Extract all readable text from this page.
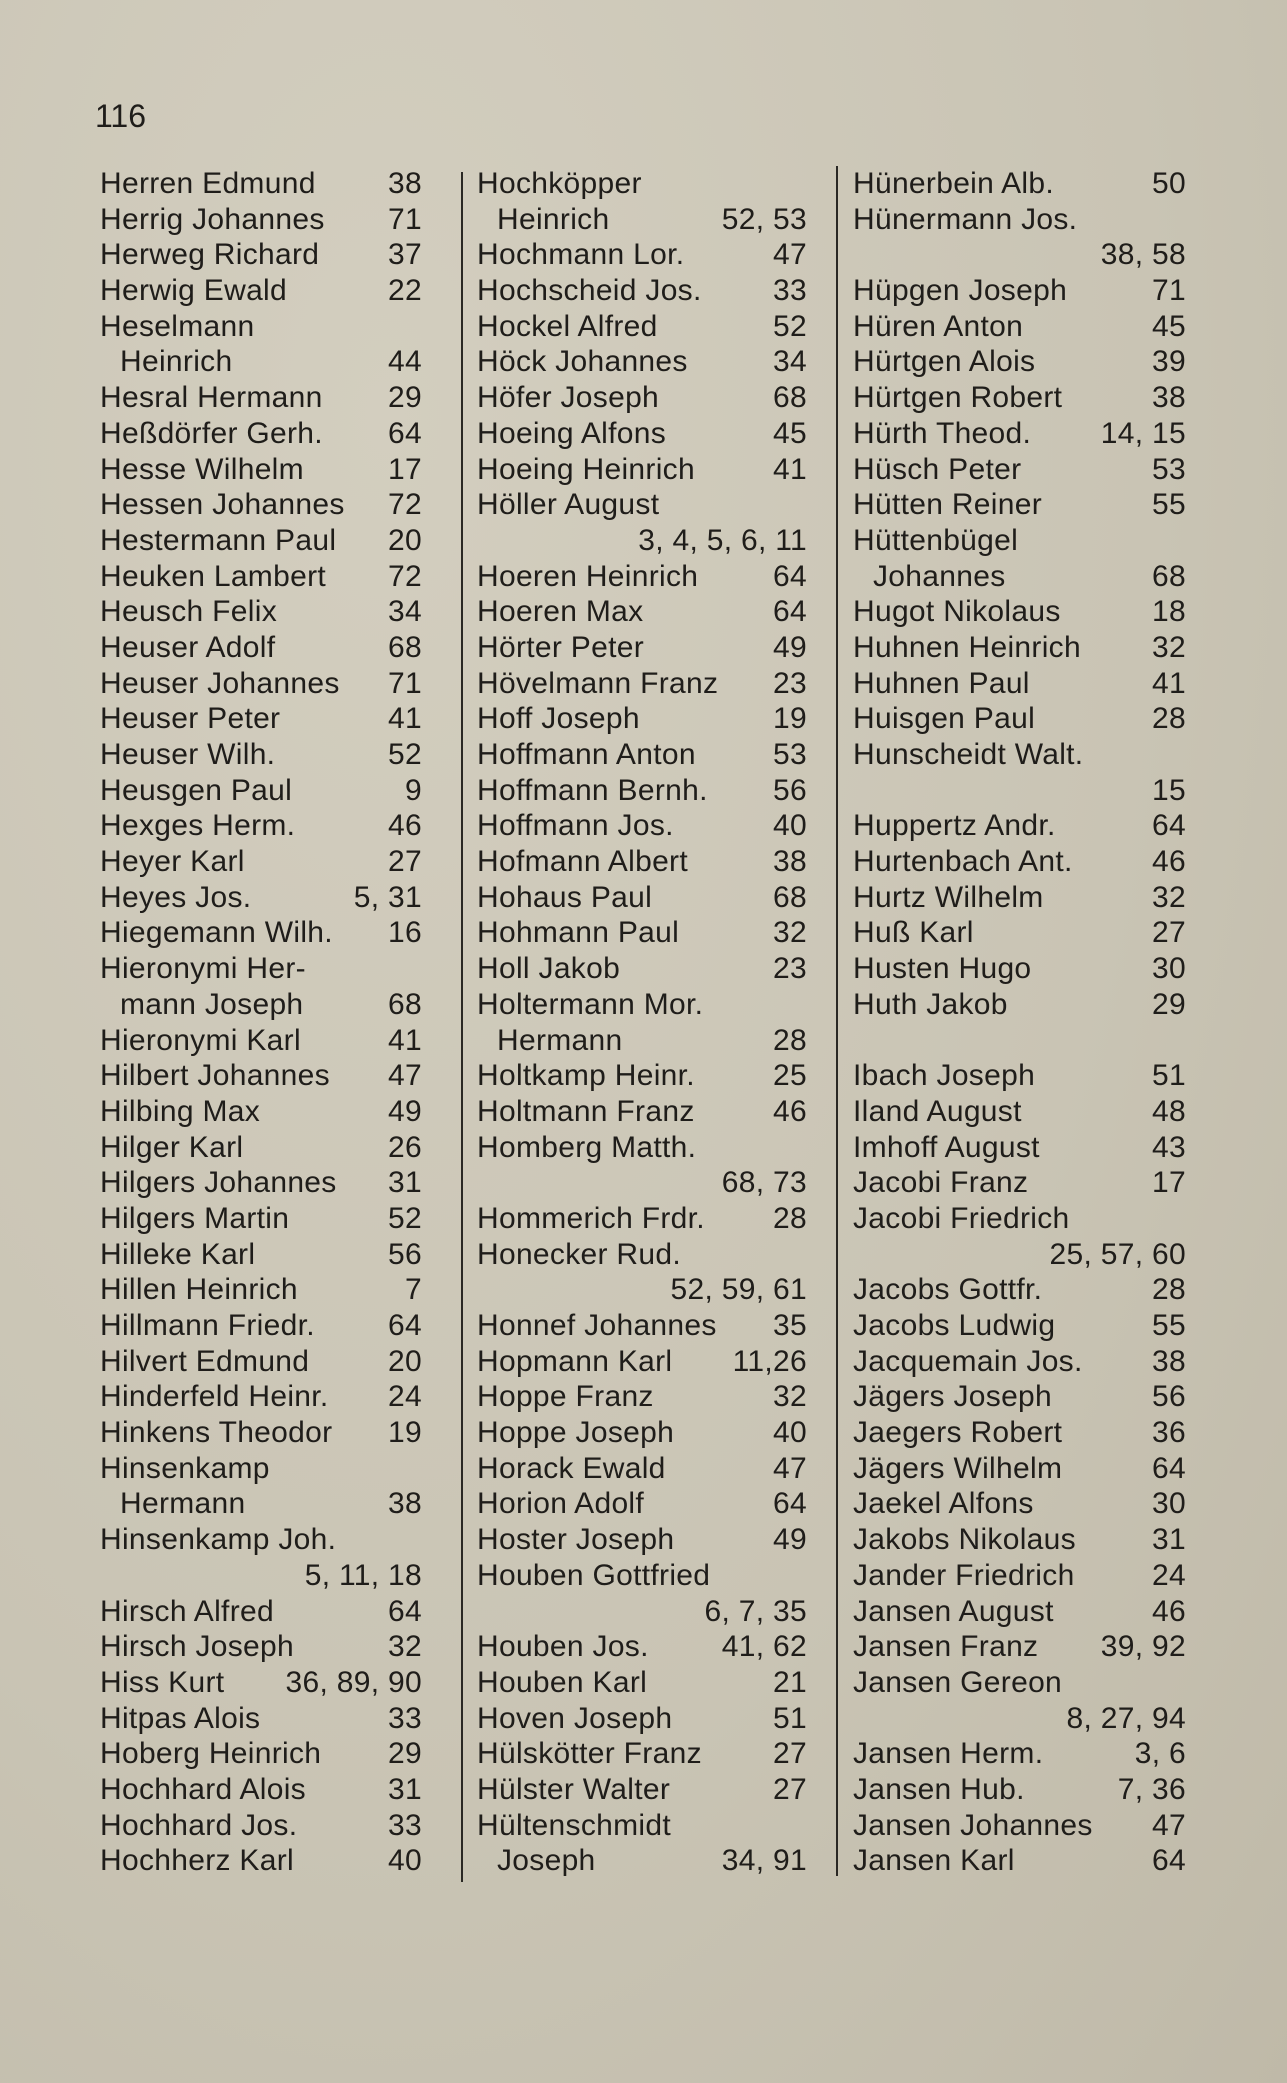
116
Herren Edmund 38
Herrig Johannes 71
Herweg Richard 37
Herwig Ewald	22
Heselmann
Heinrich	44
Hesral Hermann 29
Heßdörfer Gerh. 64
Hesse Wilhelm	17
Hessen Johannes 72
Hestermann Paul 20
Heuken Lambert 72
Heusch Felix	34
Heuser Adolf	68
Heuser Johannes 71
Heuser Peter	41
Heuser Wilh.	52
Heusgen Paul	9
Hexges Herm.	46
Heyer Karl	27
Heyes Jos.	5, 31
Hiegemann Wilh. 16
Hieronymi Her-
mann Joseph	68
Hieronymi Karl	41
Hilbert Johannes 47
Hilbing Max	49
Hilger Karl	26
Hilgers Johannes 31
Hilgers Martin	52
Hilleke Karl	56
Hillen Heinrich	7
Hillmann Friedr. 64
Hilvert Edmund	20
Hinderfeld Heinr. 24
Hinkens Theodor 19
Hinsenkamp
Hermann	38
Hinsenkamp Joh.
5, 11, 18
Hirsch Alfred	64
Hirsch Joseph	32
Hiss Kurt 36, 89, 90
Hitpas Alois	33
Hoberg Heinrich 29
Hochhard Alois	31
Hochhard Jos.	33
Hochherz Karl	40
Hochköpper
Heinrich	52, 53
Hochmann Lor.	47
Hochscheid Jos. 33
Hockel Alfred	52
Höck Johannes	34
Höfer Joseph	68
Hoeing Alfons	45
Hoeing Heinrich	41
Höller August
3, 4, 5, 6, 11
Hoeren Heinrich 64
Hoeren Max	64
Hörter Peter	49
Hövelmann Franz 23
Hoff Joseph	19
Hoffmann Anton	53
Hoffmann Bernh. 56
Hoffmann Jos.	40
Hofmann Albert	38
Hohaus Paul	68
Hohmann Paul	32
Holl Jakob	23
Holtermann Mor.
Hermann	28
Holtkamp Heinr.	25
Holtmann Franz	46
Homberg Matth.
68, 73
Hommerich Frdr. 28
Honecker Rud.
52, 59, 61
Honnef Johannes 35
Hopmann Karl 11,26
Hoppe Franz	32
Hoppe Joseph	40
Horack Ewald	47
Horion Adolf	64
Hoster Joseph	49
Houben Gottfried
6, 7, 35
Houben Jos. 41, 62
Houben Karl	21
Hoven Joseph	51
Hülskötter Franz 27
Hülster Walter	27
Hültenschmidt
Joseph	34, 91
Hünerbein Alb.	50
Hünermann Jos.
38, 58
Hüpgen Joseph	71
Hüren Anton	45
Hürtgen Alois	39
Hürtgen Robert	38
Hürth Theod. 14, 15
Hüsch Peter	53
Hütten Reiner	55
Hüttenbügel
Johannes	68
Hugot Nikolaus	18
Huhnen Heinrich 32
Huhnen Paul	41
Huisgen Paul	28
Hunscheidt Walt.
15
Huppertz Andr.	64
Hurtenbach Ant.	46
Hurtz Wilhelm	32
Huß Karl	27
Husten Hugo	30
Huth Jakob	29
Ibach Joseph	51
Iland August	48
Imhoff August	43
Jacobi Franz	17
Jacobi Friedrich
25, 57, 60
Jacobs Gottfr.	28
Jacobs Ludwig	55
Jacquemain Jos. 38
Jägers Joseph	56
Jaegers Robert	36
Jägers Wilhelm	64
Jaekel Alfons	30
Jakobs Nikolaus	31
Jander Friedrich	24
Jansen August	46
Jansen Franz 39, 92
Jansen Gereon
8, 27, 94
Jansen Herm.	3, 6
Jansen Hub.	7, 36
Jansen Johannes 47
Jansen Karl	64
